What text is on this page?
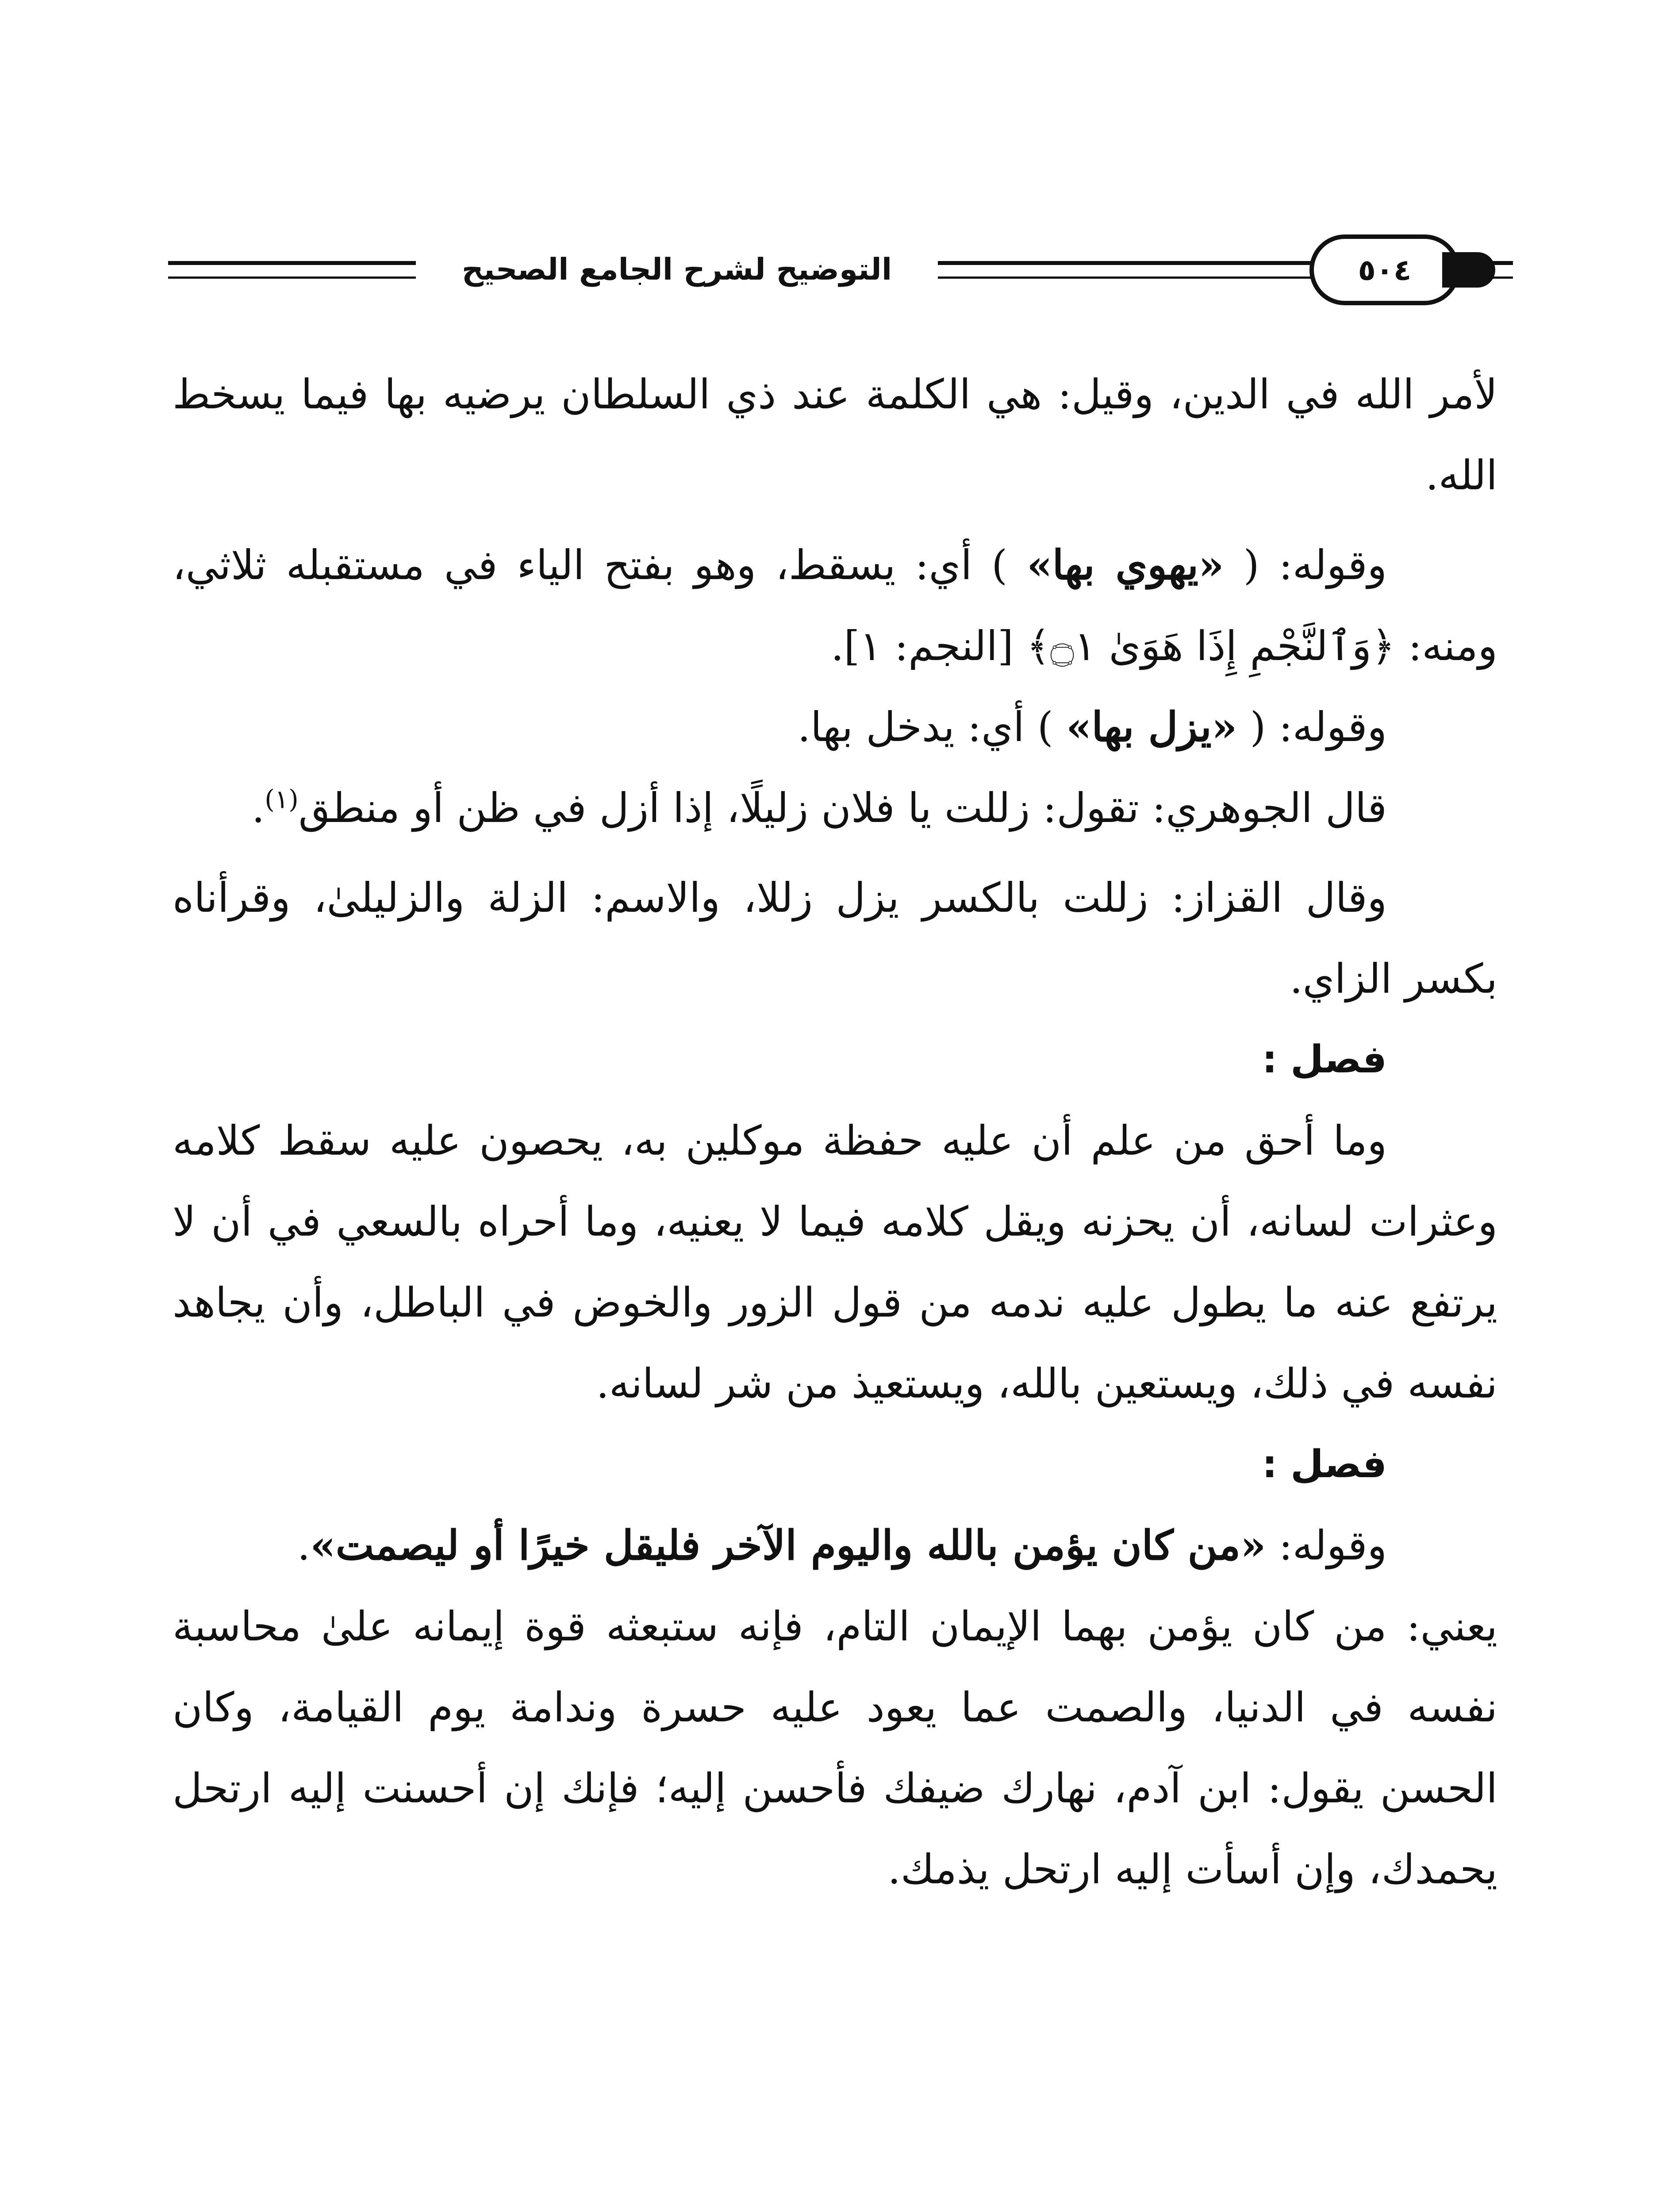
التوضيح لشرح الجامع الصحيح	٥٠٤

لأمر الله في الدين، وقيل: هي الكلمة عند ذي السلطان يرضيه بها فيما يسخط الله.

وقوله: ( «يهوي بها» ) أي: يسقط، وهو بفتح الياء في مستقبله ثلاثي، ومنه: ﴿وَٱلنَّجْمِ إِذَا هَوَىٰ ۝١﴾ [النجم: ١].

وقوله: ( «يزل بها» ) أي: يدخل بها.

قال الجوهري: تقول: زللت يا فلان زليلًا، إذا أزل في ظن أو منطق$^{(١)}$.

وقال القزاز: زللت بالكسر يزل زللا، والاسم: الزلة والزليلىٰ، وقرأناه بكسر الزاي.

فصل :

وما أحق من علم أن عليه حفظة موكلين به، يحصون عليه سقط كلامه وعثرات لسانه، أن يحزنه ويقل كلامه فيما لا يعنيه، وما أحراه بالسعي في أن لا يرتفع عنه ما يطول عليه ندمه من قول الزور والخوض في الباطل، وأن يجاهد نفسه في ذلك، ويستعين بالله، ويستعيذ من شر لسانه.

فصل :

وقوله: «من كان يؤمن بالله واليوم الآخر فليقل خيرًا أو ليصمت».

يعني: من كان يؤمن بهما الإيمان التام، فإنه ستبعثه قوة إيمانه علىٰ محاسبة نفسه في الدنيا، والصمت عما يعود عليه حسرة وندامة يوم القيامة، وكان الحسن يقول: ابن آدم، نهارك ضيفك فأحسن إليه؛ فإنك إن أحسنت إليه ارتحل يحمدك، وإن أسأت إليه ارتحل يذمك.
